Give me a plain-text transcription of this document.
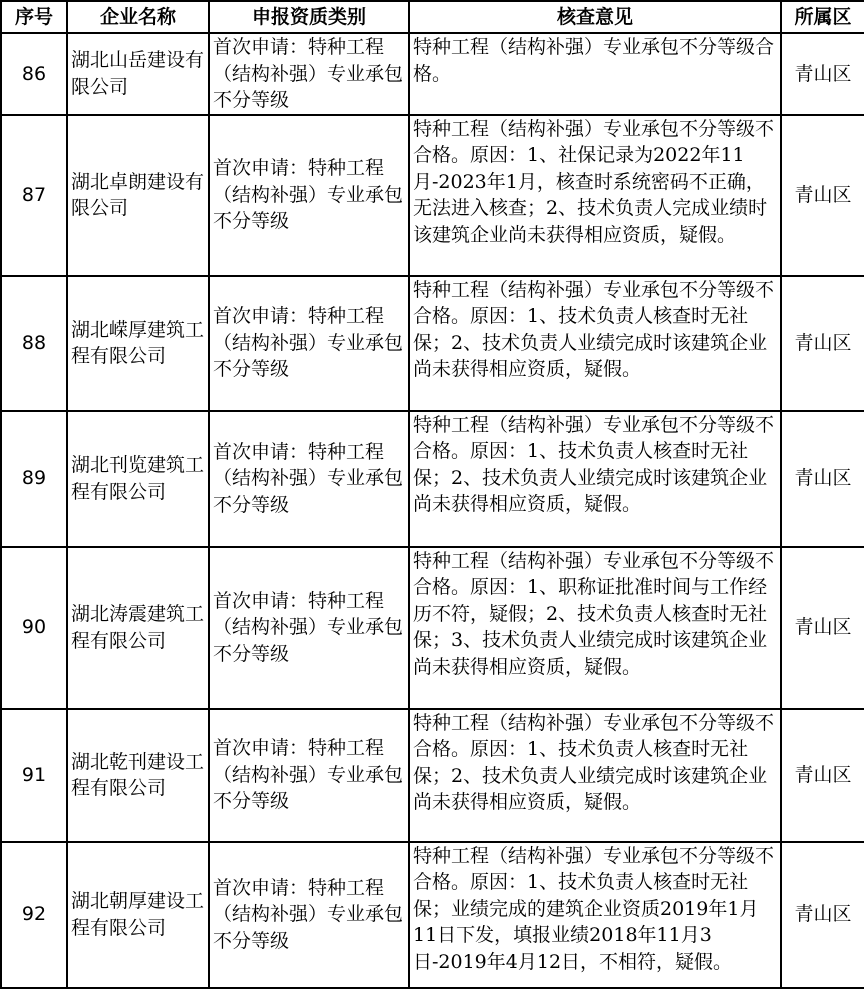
序号	企业名称	申报资质类别	核查意见	所属区
86	湖北山岳建设有限公司	首次申请：特种工程（结构补强）专业承包不分等级	特种工程（结构补强）专业承包不分等级合格。	青山区
87	湖北卓朗建设有限公司	首次申请：特种工程（结构补强）专业承包不分等级	特种工程（结构补强）专业承包不分等级不合格。原因：1、社保记录为2022年11月-2023年1月，核查时系统密码不正确，无法进入核查；2、技术负责人完成业绩时该建筑企业尚未获得相应资质，疑假。	青山区
88	湖北嵘厚建筑工程有限公司	首次申请：特种工程（结构补强）专业承包不分等级	特种工程（结构补强）专业承包不分等级不合格。原因：1、技术负责人核查时无社保；2、技术负责人业绩完成时该建筑企业尚未获得相应资质，疑假。	青山区
89	湖北刊览建筑工程有限公司	首次申请：特种工程（结构补强）专业承包不分等级	特种工程（结构补强）专业承包不分等级不合格。原因：1、技术负责人核查时无社保；2、技术负责人业绩完成时该建筑企业尚未获得相应资质，疑假。	青山区
90	湖北涛震建筑工程有限公司	首次申请：特种工程（结构补强）专业承包不分等级	特种工程（结构补强）专业承包不分等级不合格。原因：1、职称证批准时间与工作经历不符，疑假；2、技术负责人核查时无社保；3、技术负责人业绩完成时该建筑企业尚未获得相应资质，疑假。	青山区
91	湖北乾刊建设工程有限公司	首次申请：特种工程（结构补强）专业承包不分等级	特种工程（结构补强）专业承包不分等级不合格。原因：1、技术负责人核查时无社保；2、技术负责人业绩完成时该建筑企业尚未获得相应资质，疑假。	青山区
92	湖北朝厚建设工程有限公司	首次申请：特种工程（结构补强）专业承包不分等级	特种工程（结构补强）专业承包不分等级不合格。原因：1、技术负责人核查时无社保；业绩完成的建筑企业资质2019年1月11日下发，填报业绩2018年11月3日-2019年4月12日，不相符，疑假。	青山区
